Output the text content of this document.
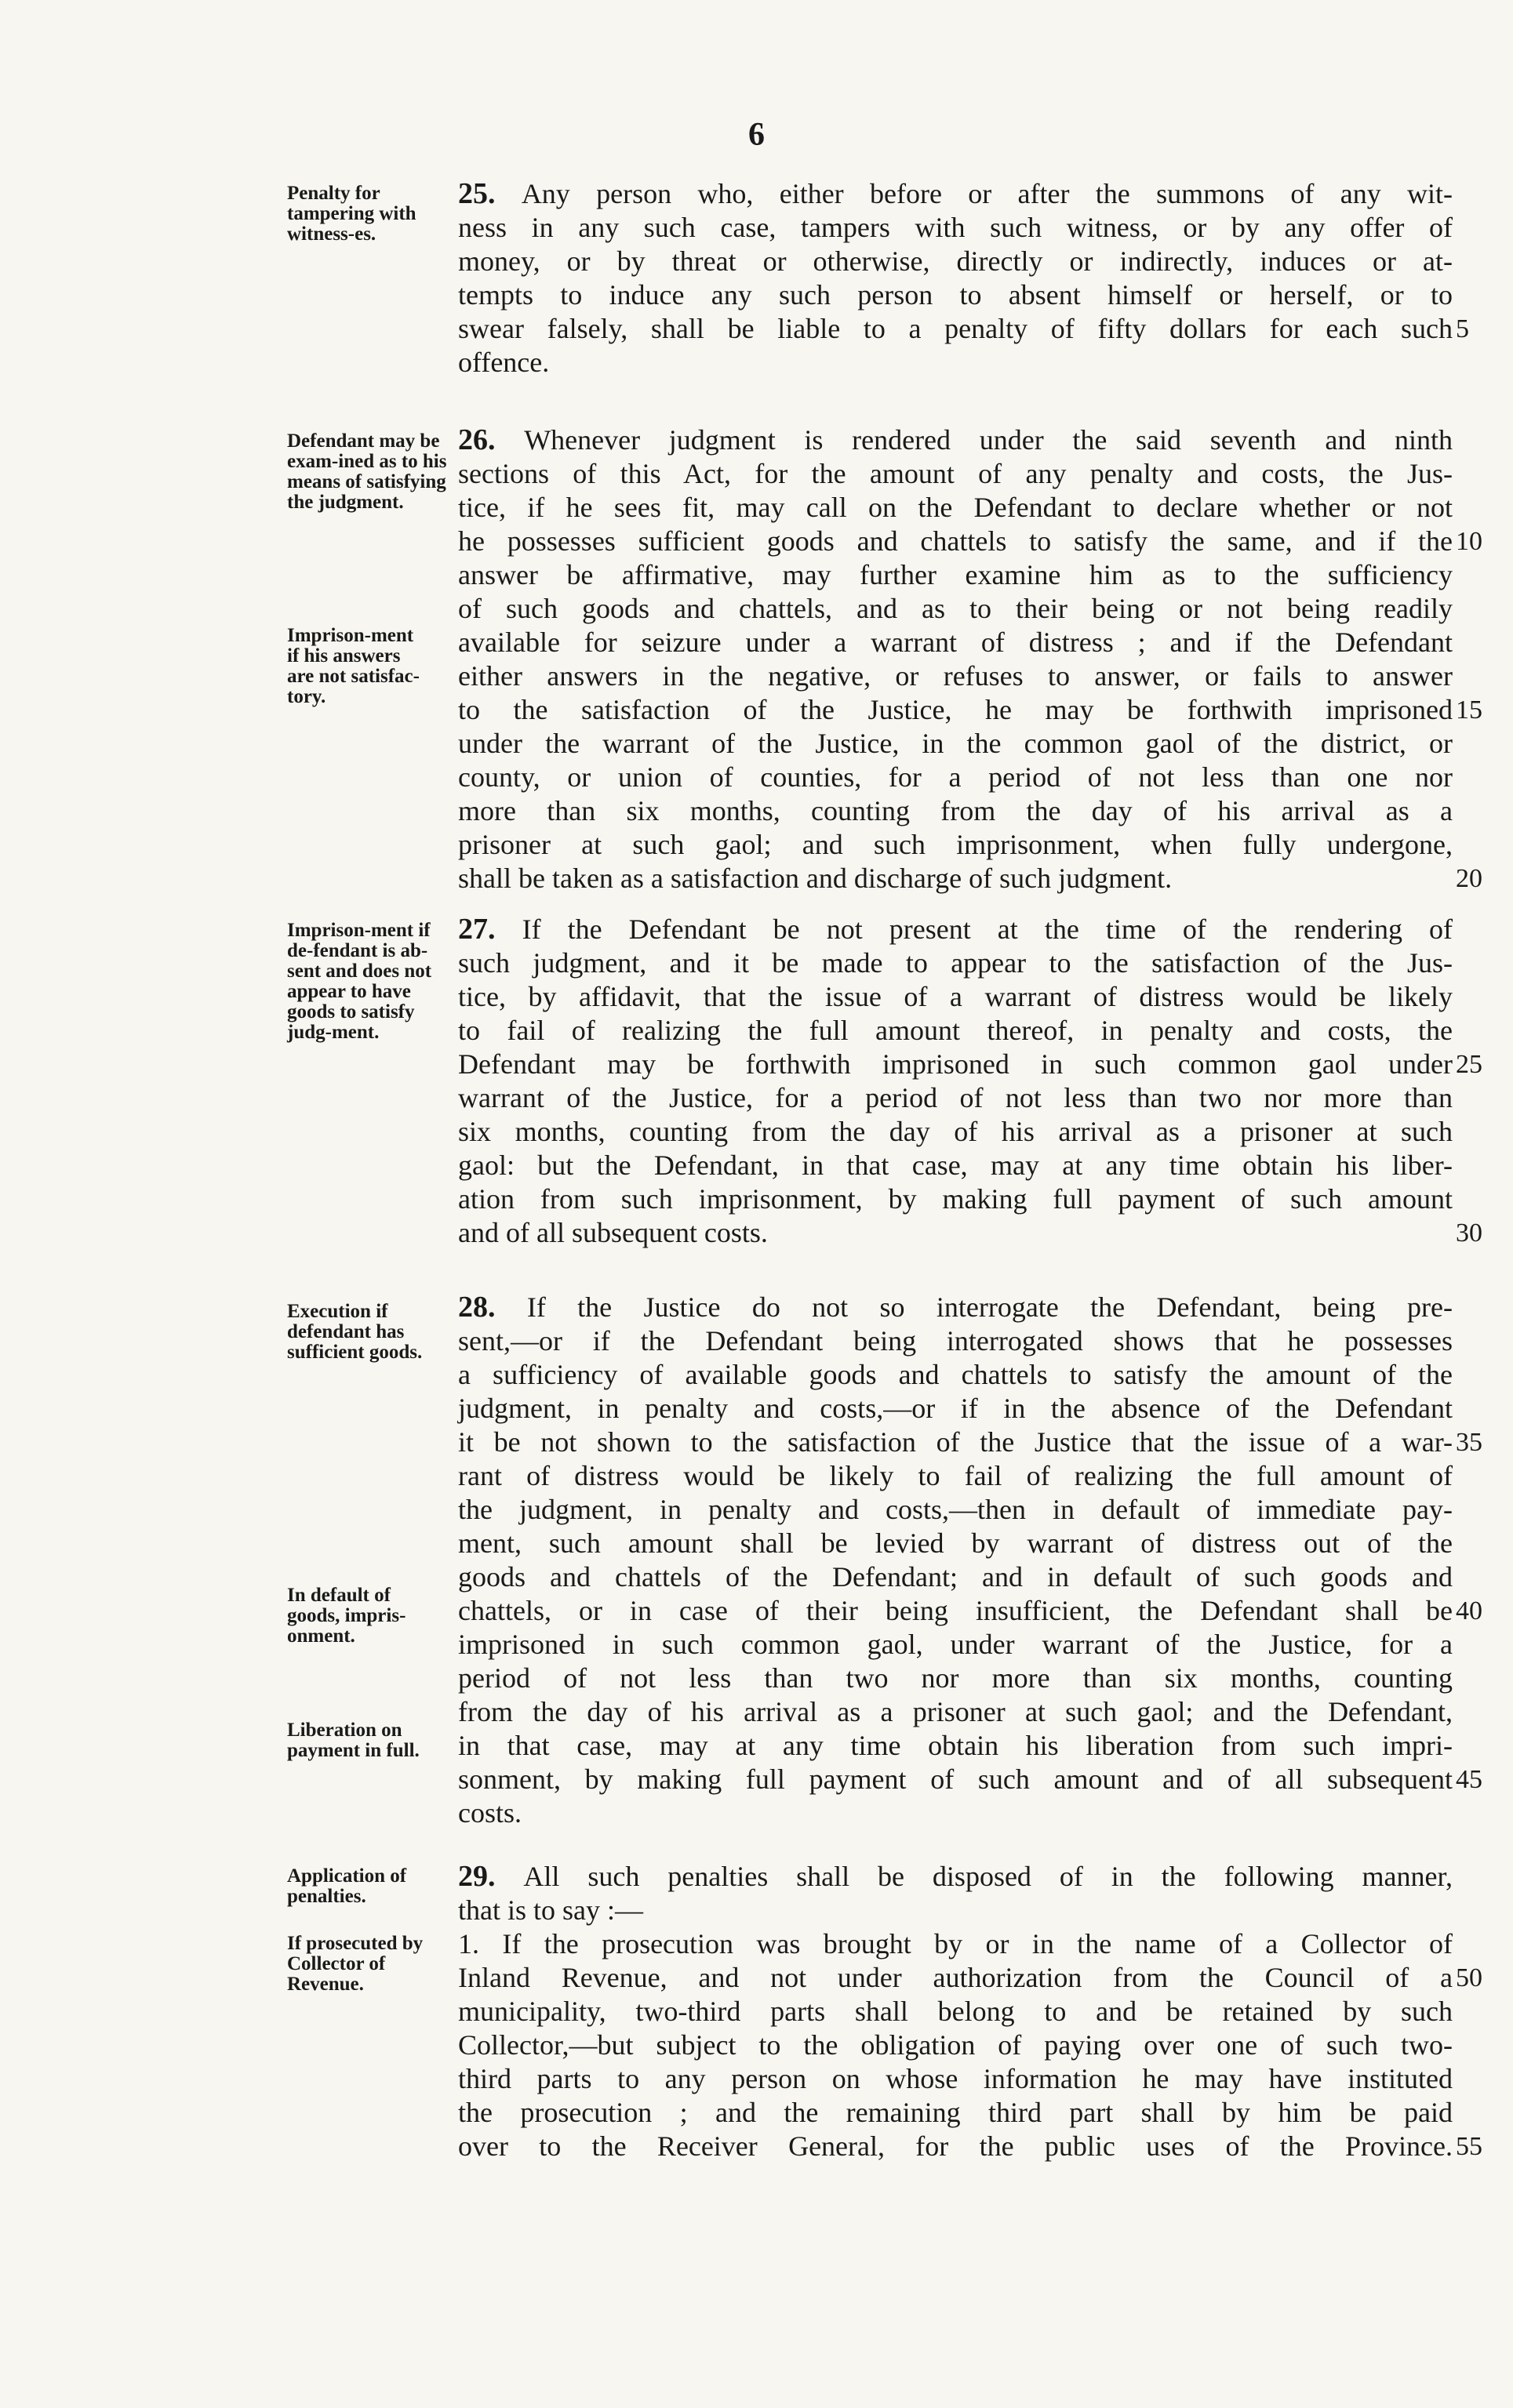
6

Penalty for tampering with witness-es.

25. Any person who, either before or after the summons of any wit-
ness in any such case, tampers with such witness, or by any offer of
money, or by threat or otherwise, directly or indirectly, induces or at-
tempts to induce any such person to absent himself or herself, or to
swear falsely, shall be liable to a penalty of fifty dollars for each such
offence.

Defendant may be exam-ined as to his means of satisfying the judgment.

Imprison-ment if his answers are not satisfac-tory.

26. Whenever judgment is rendered under the said seventh and ninth
sections of this Act, for the amount of any penalty and costs, the Jus-
tice, if he sees fit, may call on the Defendant to declare whether or not
he possesses sufficient goods and chattels to satisfy the same, and if the
answer be affirmative, may further examine him as to the sufficiency
of such goods and chattels, and as to their being or not being readily
available for seizure under a warrant of distress ; and if the Defendant
either answers in the negative, or refuses to answer, or fails to answer
to the satisfaction of the Justice, he may be forthwith imprisoned
under the warrant of the Justice, in the common gaol of the district, or
county, or union of counties, for a period of not less than one nor
more than six months, counting from the day of his arrival as a
prisoner at such gaol; and such imprisonment, when fully undergone,
shall be taken as a satisfaction and discharge of such judgment.

Imprison-ment if de-fendant is ab-sent and does not appear to have goods to satisfy judg-ment.

27. If the Defendant be not present at the time of the rendering of
such judgment, and it be made to appear to the satisfaction of the Jus-
tice, by affidavit, that the issue of a warrant of distress would be likely
to fail of realizing the full amount thereof, in penalty and costs, the
Defendant may be forthwith imprisoned in such common gaol under
warrant of the Justice, for a period of not less than two nor more than
six months, counting from the day of his arrival as a prisoner at such
gaol: but the Defendant, in that case, may at any time obtain his liber-
ation from such imprisonment, by making full payment of such amount
and of all subsequent costs.

Execution if defendant has sufficient goods.

In default of goods, impris-onment.

Liberation on payment in full.

28. If the Justice do not so interrogate the Defendant, being pre-
sent,—or if the Defendant being interrogated shows that he possesses
a sufficiency of available goods and chattels to satisfy the amount of the
judgment, in penalty and costs,—or if in the absence of the Defendant
it be not shown to the satisfaction of the Justice that the issue of a war-
rant of distress would be likely to fail of realizing the full amount of
the judgment, in penalty and costs,—then in default of immediate pay-
ment, such amount shall be levied by warrant of distress out of the
goods and chattels of the Defendant; and in default of such goods and
chattels, or in case of their being insufficient, the Defendant shall be
imprisoned in such common gaol, under warrant of the Justice, for a
period of not less than two nor more than six months, counting
from the day of his arrival as a prisoner at such gaol; and the Defendant,
in that case, may at any time obtain his liberation from such impri-
sonment, by making full payment of such amount and of all subsequent
costs.

Application of penalties.

If prosecuted by Collector of Revenue.

29. All such penalties shall be disposed of in the following manner,
that is to say :—
1. If the prosecution was brought by or in the name of a Collector of
Inland Revenue, and not under authorization from the Council of a
municipality, two-third parts shall belong to and be retained by such
Collector,—but subject to the obligation of paying over one of such two-
third parts to any person on whose information he may have instituted
the prosecution ; and the remaining third part shall by him be paid
over to the Receiver General, for the public uses of the Province.
5
10
15
20
25
30
35
40
45
50
55
